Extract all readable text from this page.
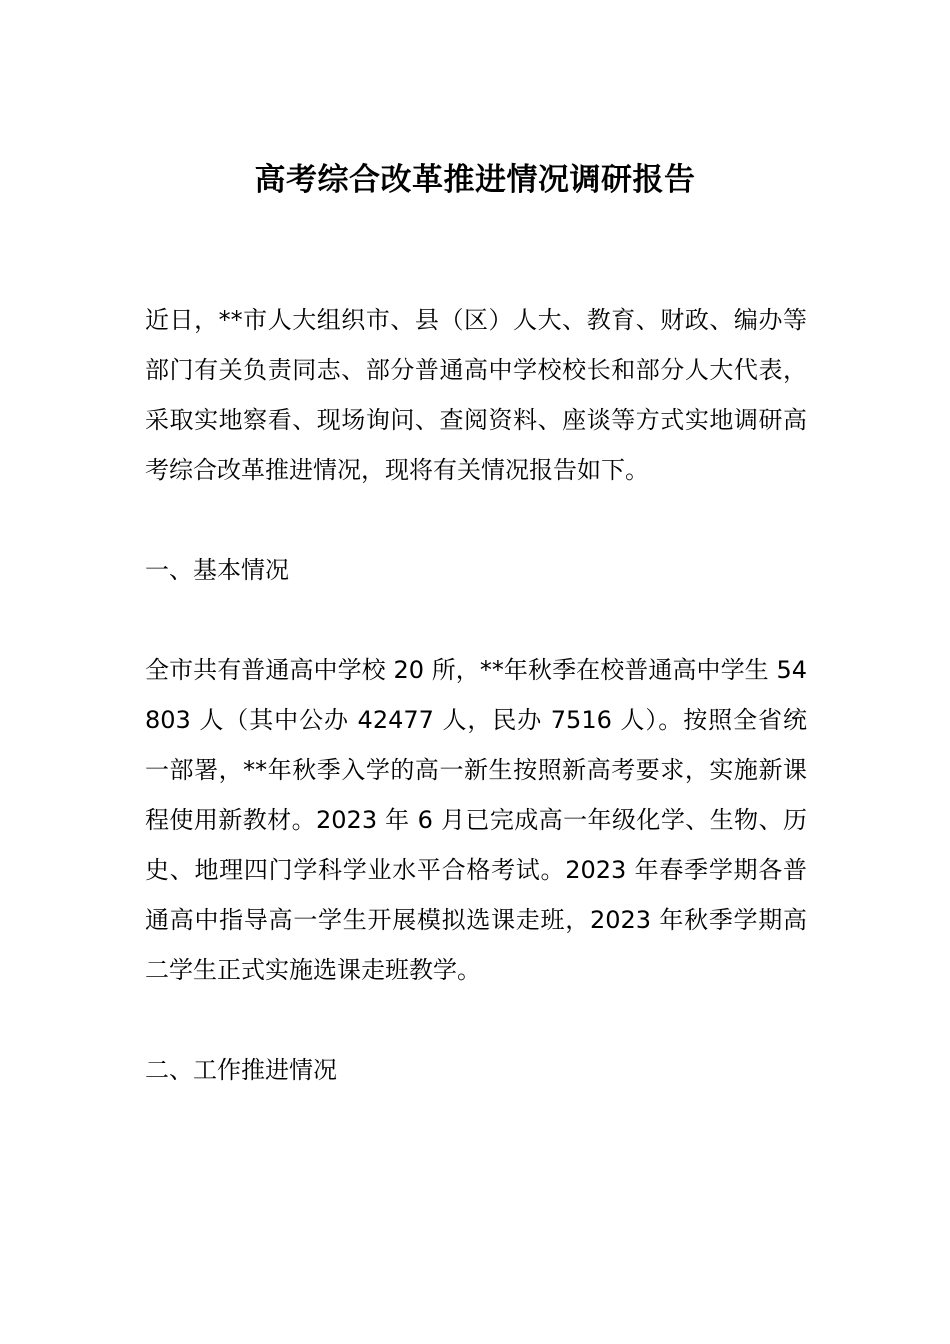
高考综合改革推进情况调研报告

近日，**市人大组织市、县（区）人大、教育、财政、编办等部门有关负责同志、部分普通高中学校校长和部分人大代表，采取实地察看、现场询问、查阅资料、座谈等方式实地调研高考综合改革推进情况，现将有关情况报告如下。

一、基本情况

全市共有普通高中学校 20 所，**年秋季在校普通高中学生 54803 人（其中公办 42477 人，民办 7516 人）。按照全省统一部署，**年秋季入学的高一新生按照新高考要求，实施新课程使用新教材。2023 年 6 月已完成高一年级化学、生物、历史、地理四门学科学业水平合格考试。2023 年春季学期各普通高中指导高一学生开展模拟选课走班，2023 年秋季学期高二学生正式实施选课走班教学。

二、工作推进情况
